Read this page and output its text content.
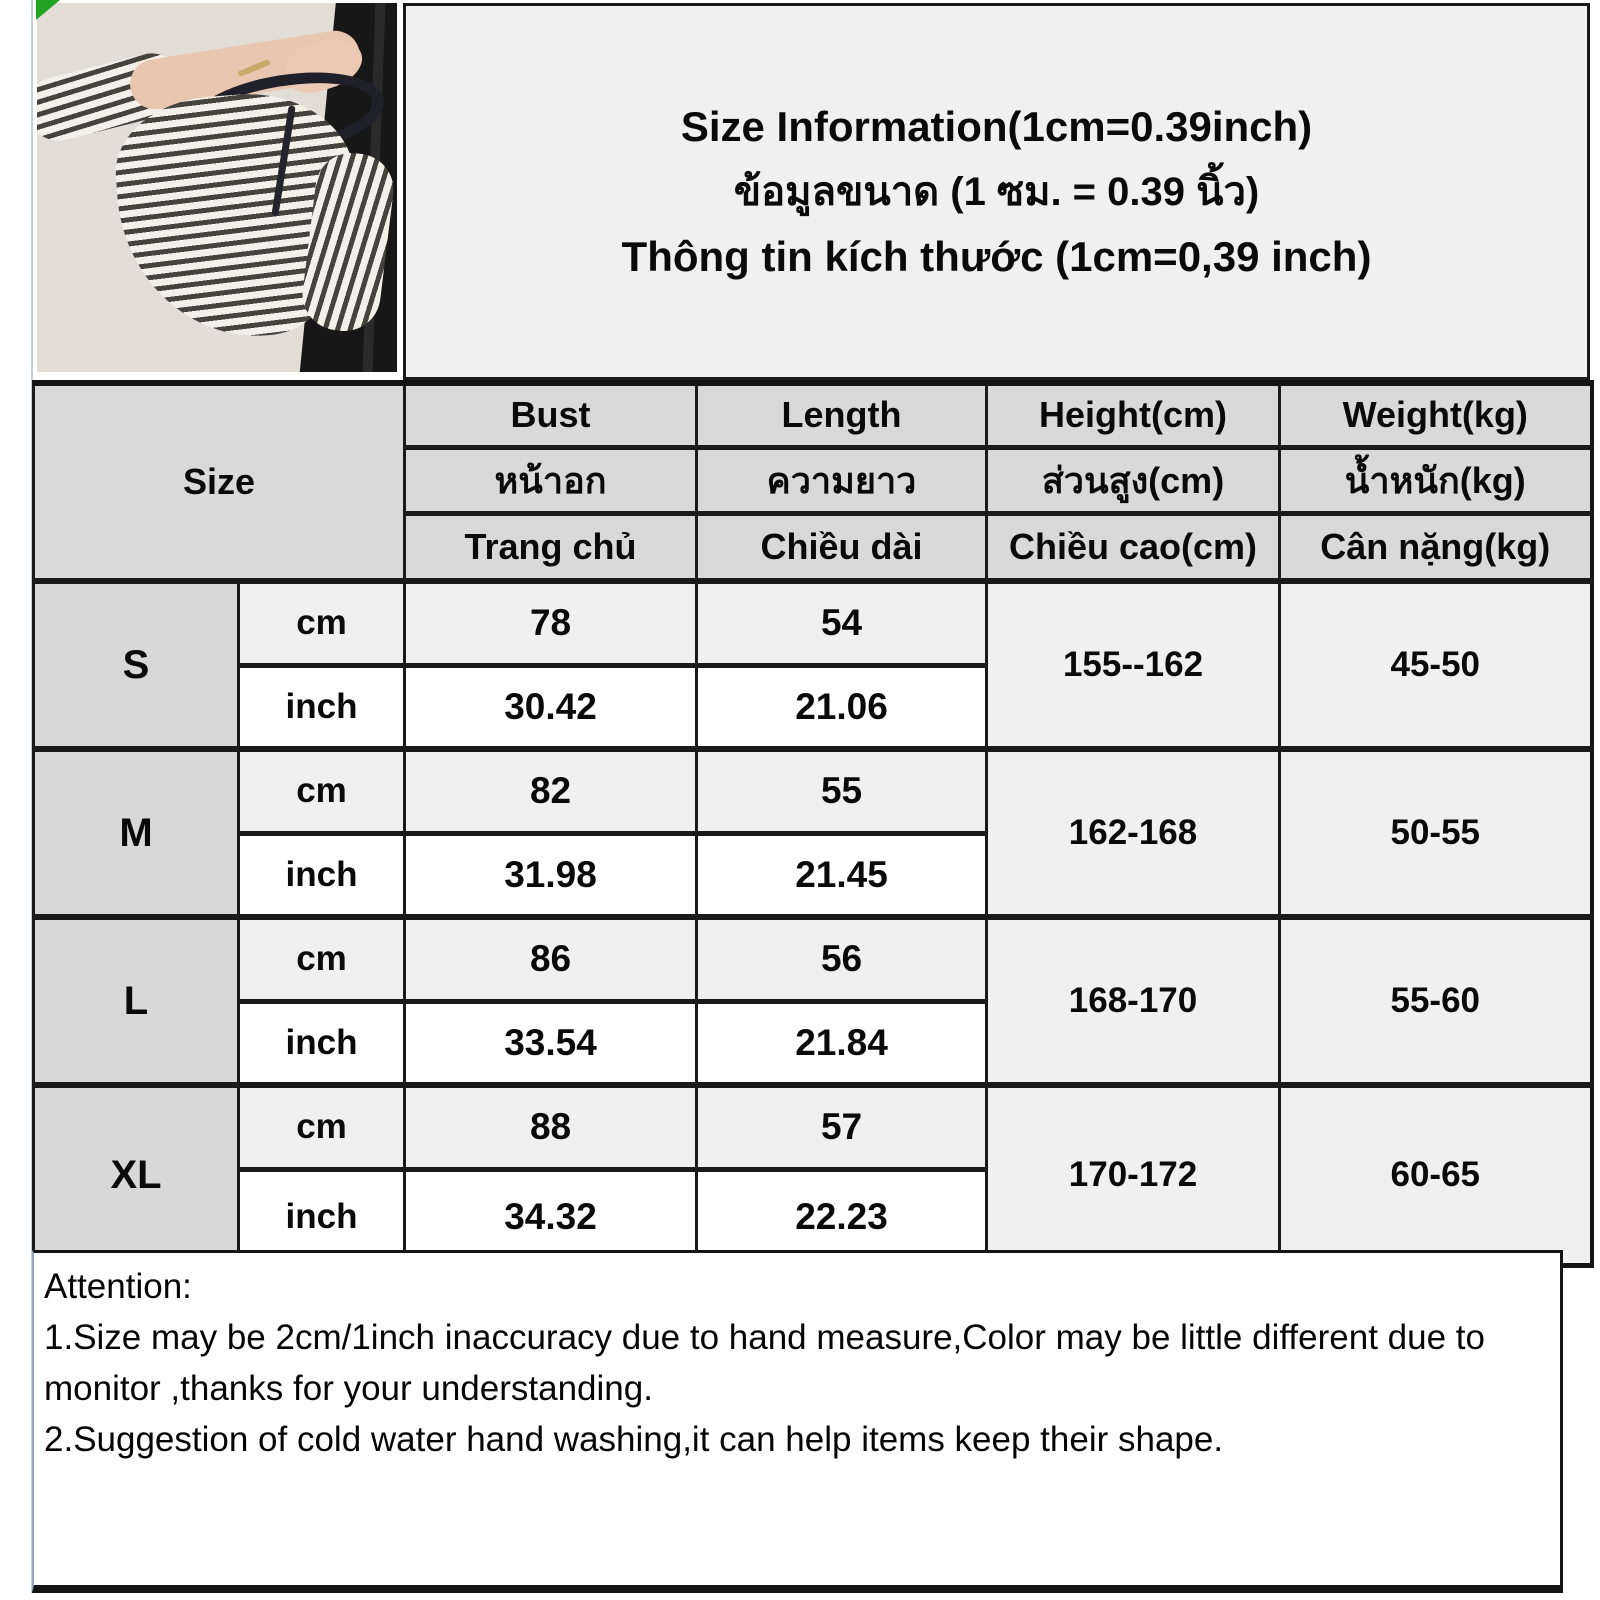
Size Information(1cm=0.39inch)
ข้อมูลขนาด (1 ซม. = 0.39 นิ้ว)
Thông tin kích thước (1cm=0,39 inch)
Size		Bust	Length	Height(cm)	Weight(kg)
		หน้าอก	ความยาว	ส่วนสูง(cm)	น้ำหนัก(kg)
		Trang chủ	Chiều dài	Chiều cao(cm)	Cân nặng(kg)
S	cm	78	54	155--162	45-50
	inch	30.42	21.06		
M	cm	82	55	162-168	50-55
	inch	31.98	21.45		
L	cm	86	56	168-170	55-60
	inch	33.54	21.84		
XL	cm	88	57	170-172	60-65
	inch	34.32	22.23		
Attention:
1.Size may be 2cm/1inch inaccuracy due to hand measure,Color may be little different due to monitor ,thanks for your understanding.
2.Suggestion of cold water hand washing,it can help items keep their shape.
